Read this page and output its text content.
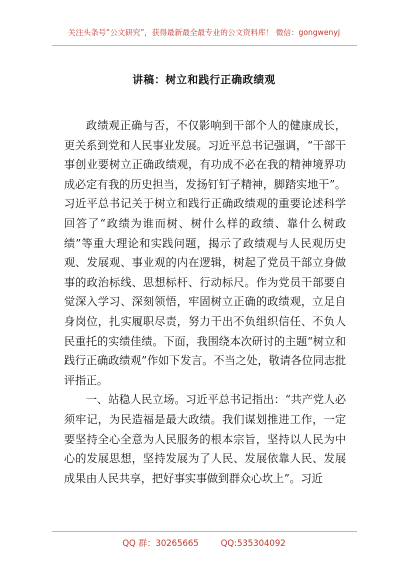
关注头条号“公文研究”，获得最新最全最专业的公文资料库！ 微信：gongwenyj
讲稿：树立和践行正确政绩观

政绩观正确与否，不仅影响到干部个人的健康成长，更关系到党和人民事业发展。习近平总书记强调，“干部干事创业要树立正确政绩观，有功成不必在我的精神境界功成必定有我的历史担当，发扬钉钉子精神，脚踏实地干”。习近平总书记关于树立和践行正确政绩观的重要论述科学回答了“政绩为谁而树、树什么样的政绩、靠什么树政绩”等重大理论和实践问题，揭示了政绩观与人民观历史观、发展观、事业观的内在逻辑，树起了党员干部立身做事的政治标线、思想标杆、行动标尺。作为党员干部要自觉深入学习、深刻领悟，牢固树立正确的政绩观，立足自身岗位，扎实履职尽责，努力干出不负组织信任、不负人民重托的实绩佳绩。下面，我围绕本次研讨的主题“树立和践行正确政绩观”作如下发言。不当之处，敬请各位同志批评指正。

一、站稳人民立场。习近平总书记指出：“共产党人必须牢记，为民造福是最大政绩。我们谋划推进工作，一定要坚持全心全意为人民服务的根本宗旨，坚持以人民为中心的发展思想，坚持发展为了人民、发展依靠人民、发展成果由人民共享，把好事实事做到群众心坎上”。习近

QQ 群：30265665	QQ:535304092
